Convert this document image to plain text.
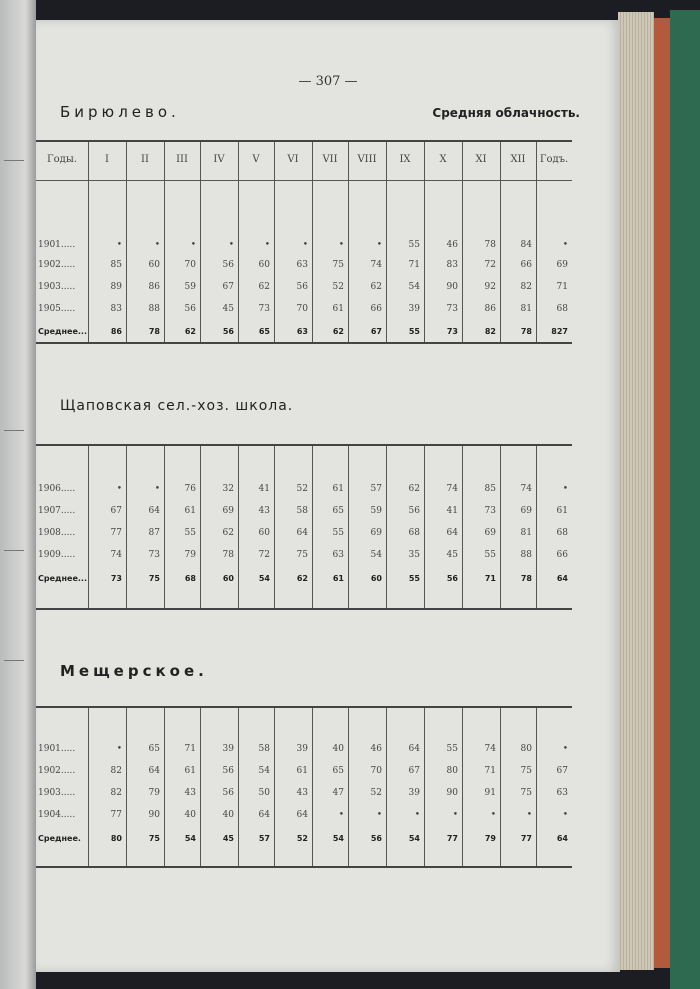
— 307 —
Бирюлево.	Средняя облачность.
Годы.	I	II	III	IV	V	VI	VII	VIII	IX	X	XI	XII	Годъ.
1901.....	•	•	•	•	•	•	•	•	55	46	78	84	•
1902.....	85	60	70	56	60	63	75	74	71	83	72	66	69
1903.....	89	86	59	67	62	56	52	62	54	90	92	82	71
1905.....	83	88	56	45	73	70	61	66	39	73	86	81	68
Среднее...	86	78	62	56	65	63	62	67	55	73	82	78	827
Щаповская сел.-хоз. школа.
1906.....	•	•	76	32	41	52	61	57	62	74	85	74	•
1907.....	67	64	61	69	43	58	65	59	56	41	73	69	61
1908.....	77	87	55	62	60	64	55	69	68	64	69	81	68
1909.....	74	73	79	78	72	75	63	54	35	45	55	88	66
Среднее...	73	75	68	60	54	62	61	60	55	56	71	78	64
Мещерское.
1901.....	•	65	71	39	58	39	40	46	64	55	74	80	•
1902.....	82	64	61	56	54	61	65	70	67	80	71	75	67
1903.....	82	79	43	56	50	43	47	52	39	90	91	75	63
1904.....	77	90	40	40	64	64	•	•	•	•	•	•	•
Среднее.	80	75	54	45	57	52	54	56	54	77	79	77	64
